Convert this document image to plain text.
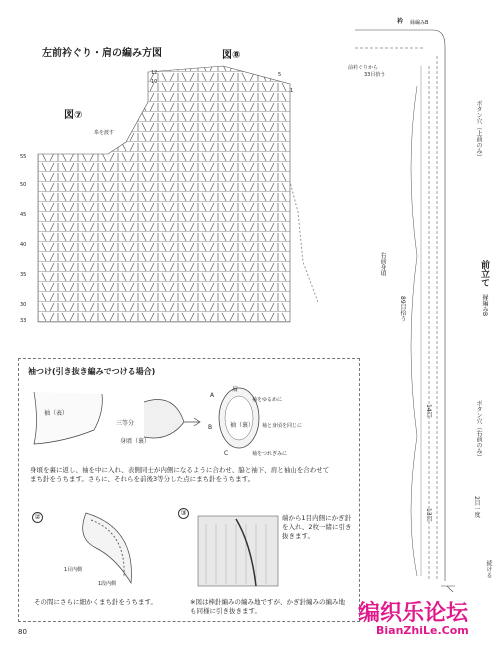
左前衿ぐり・肩の編み方図	図⑧
図⑦
糸を渡す
5
1
55
50
45
40
35
30
33
衿 縁編みB
前衿ぐりから
33目拾う
ボタン穴（上前のみ）
右前身頃
89目拾う
14目
13目
前立て
縁編みB
ボタン穴（右前のみ）
2目一度
続ける
袖つけ(引き抜き編みでつける場合)
袖（表）
三等分
身頃（裏）
肩
袖（裏）
A
B
C
袖をゆるめに
袖と身頃を同じに
袖をつれぎみに
身頃を裏に返し、袖を中に入れ、表側同士が内側になるように合わせ、脇と袖下、肩と袖山を合わせてまち針をうちます。さらに、それらを前後3等分した点にまち針をうちます。
②
1目内側
1段内側
その間にさらに細かくまち針をうちます。
③
端から1目内側にかぎ針を入れ、2枚一緒に引き抜きます。
※図は棒針編みの編み地ですが、かぎ針編みの編み地も同様に引き抜きます。
80
编织乐论坛
BianZhiLe.Com
